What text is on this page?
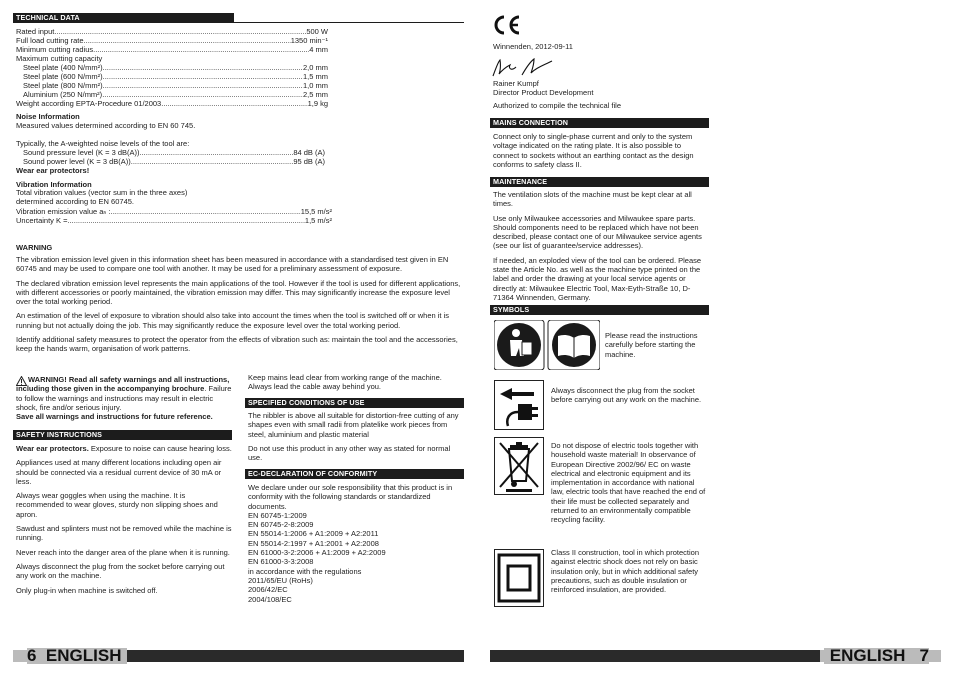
TECHNICAL DATA
Rated input .....	500 W
Full load cutting rate .....	1350 min⁻¹
Minimum cutting radius .....	4 mm
Maximum cutting capacity
Steel plate (400 N/mm²) .....	2,0 mm
Steel plate (600 N/mm²) .....	1,5 mm
Steel plate (800 N/mm²) .....	1,0 mm
Aluminium (250 N/mm²) .....	2,5 mm
Weight according EPTA-Procedure 01/2003 .....	1,9 kg
Noise Information
Measured values determined according to EN 60 745.
Typically, the A-weighted noise levels of the tool are:
Sound pressure level (K = 3 dB(A)) .....	84 dB (A)
Sound power level (K = 3 dB(A)) .....	95 dB (A)
Wear ear protectors!
Vibration Information
Total vibration values (vector sum in the three axes)
determined according to EN 60745.
Vibration emission value aₕ : .....	15,5 m/s²
Uncertainty K = .....	1,5 m/s²
WARNING

The vibration emission level given in this information sheet has been measured in accordance with a standardised test given in EN 60745 and may be used to compare one tool with another. It may be used for a preliminary assessment of exposure.

The declared vibration emission level represents the main applications of the tool. However if the tool is used for different applications, with different accessories or poorly maintained, the vibration emission may differ. This may significantly increase the exposure level over the total working period.

An estimation of the level of exposure to vibration should also take into account the times when the tool is switched off or when it is running but not actually doing the job. This may significantly reduce the exposure level over the total working period.

Identify additional safety measures to protect the operator from the effects of vibration such as: maintain the tool and the accessories, keep the hands warm, organisation of work patterns.

WARNING! Read all safety warnings and all instructions, including those given in the accompanying brochure. Failure to follow the warnings and instructions may result in electric shock, fire and/or serious injury.
Save all warnings and instructions for future reference.
SAFETY INSTRUCTIONS

Wear ear protectors. Exposure to noise can cause hearing loss.

Appliances used at many different locations including open air should be connected via a residual current device of 30 mA or less.

Always wear goggles when using the machine. It is recommended to wear gloves, sturdy non slipping shoes and apron.

Sawdust and splinters must not be removed while the machine is running.

Never reach into the danger area of the plane when it is running.

Always disconnect the plug from the socket before carrying out any work on the machine.

Only plug-in when machine is switched off.

Keep mains lead clear from working range of the machine. Always lead the cable away behind you.
SPECIFIED CONDITIONS OF USE

The nibbler is above all suitable for distortion-free cutting of any shapes even with small radii from platelike work pieces from steel, aluminium and plastic material

Do not use this product in any other way as stated for normal use.

EC-DECLARATION OF CONFORMITY
We declare under our sole responsibility that this product is in conformity with the following standards or standardized documents.
EN 60745-1:2009
EN 60745-2-8:2009
EN 55014-1:2006 + A1:2009 + A2:2011
EN 55014-2:1997 + A1:2001 + A2:2008
EN 61000-3-2:2006 + A1:2009 + A2:2009
EN 61000-3-3:2008
in accordance with the regulations
2011/65/EU (RoHs)
2006/42/EC
2004/108/EC
6 ENGLISH
Winnenden, 2012-09-11
Rainer Kumpf
Director Product Development
Authorized to compile the technical file
MAINS CONNECTION
Connect only to single-phase current and only to the system voltage indicated on the rating plate. It is also possible to connect to sockets without an earthing contact as the design conforms to safety class II.
MAINTENANCE

The ventilation slots of the machine must be kept clear at all times.

Use only Milwaukee accessories and Milwaukee spare parts. Should components need to be replaced which have not been described, please contact one of our Milwaukee service agents (see our list of guarantee/service addresses).

If needed, an exploded view of the tool can be ordered. Please state the Article No. as well as the machine type printed on the label and order the drawing at your local service agents or directly at: Milwaukee Electric Tool, Max-Eyth-Straße 10, D-71364 Winnenden, Germany.

SYMBOLS
Please read the instructions carefully before starting the machine.
Always disconnect the plug from the socket before carrying out any work on the machine.
Do not dispose of electric tools together with household waste material! In observance of European Directive 2002/96/ EC on waste electrical and electronic equipment and its implementation in accordance with national law, electric tools that have reached the end of their life must be collected separately and returned to an environmentally compatible recycling facility.
Class II construction, tool in which protection against electric shock does not rely on basic insulation only, but in which additional safety precautions, such as double insulation or reinforced insulation, are provided.
ENGLISH 7
